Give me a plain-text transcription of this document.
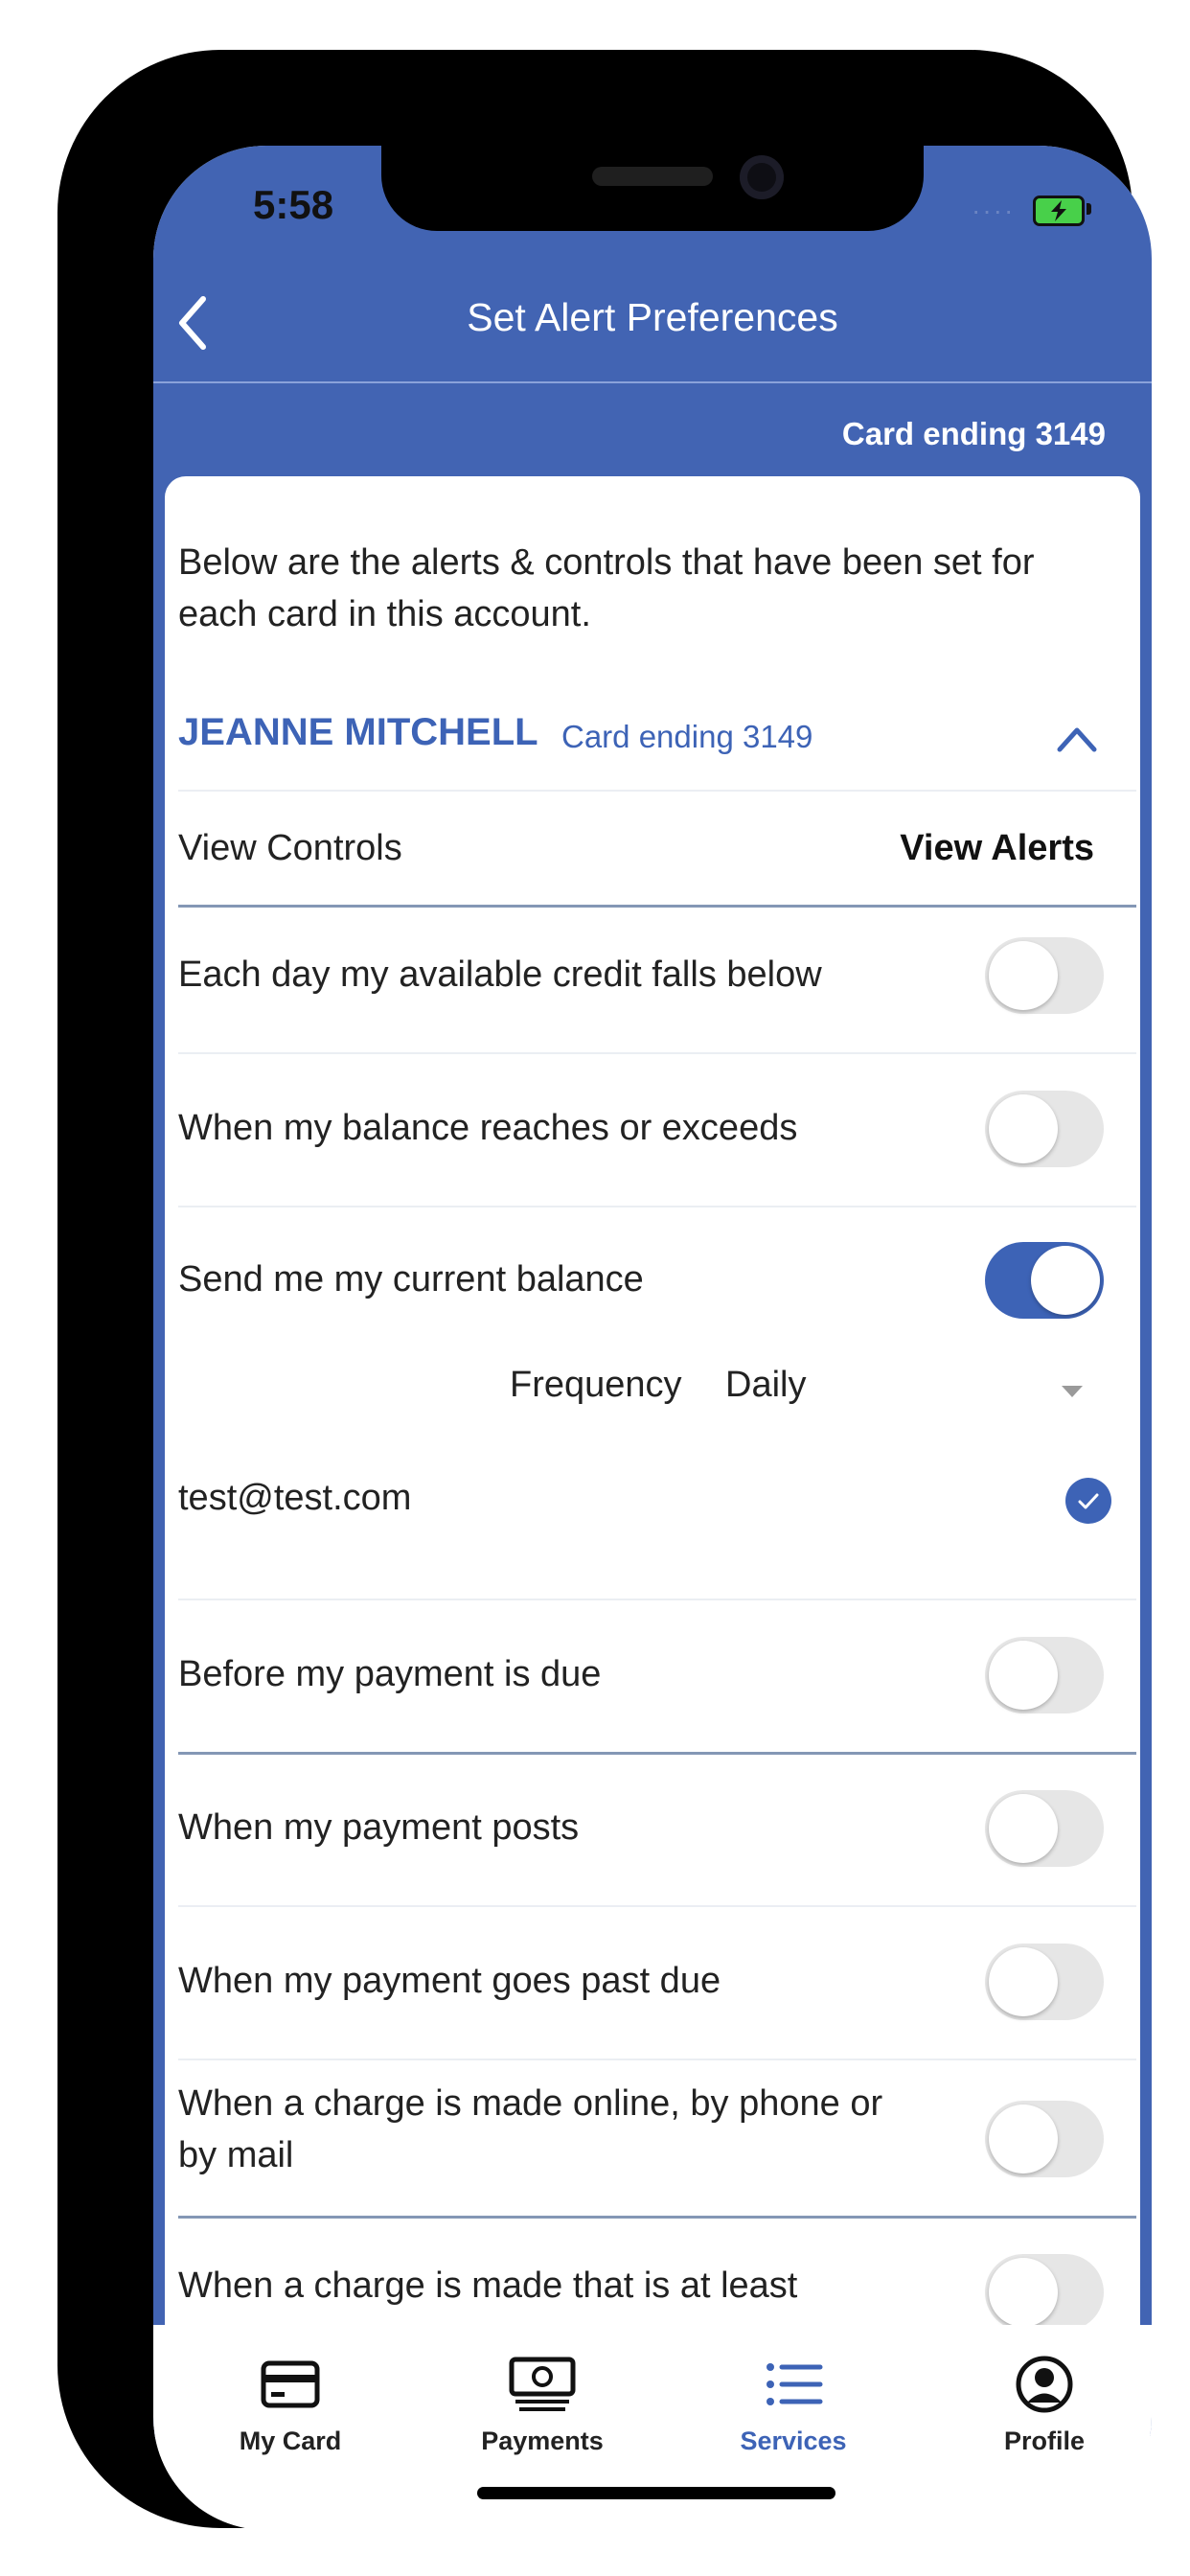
5:58	····
Set Alert Preferences
Card ending 3149
Below are the alerts & controls that have been set for each card in this account.
JEANNE MITCHELL Card ending 3149
View Controls	View Alerts
Each day my available credit falls below
When my balance reaches or exceeds
Send me my current balance
Frequency Daily
test@test.com
Before my payment is due
When my payment posts
When my payment goes past due
When a charge is made online, by phone or by mail
When a charge is made that is at least
My Card	Payments	Services	Profile
